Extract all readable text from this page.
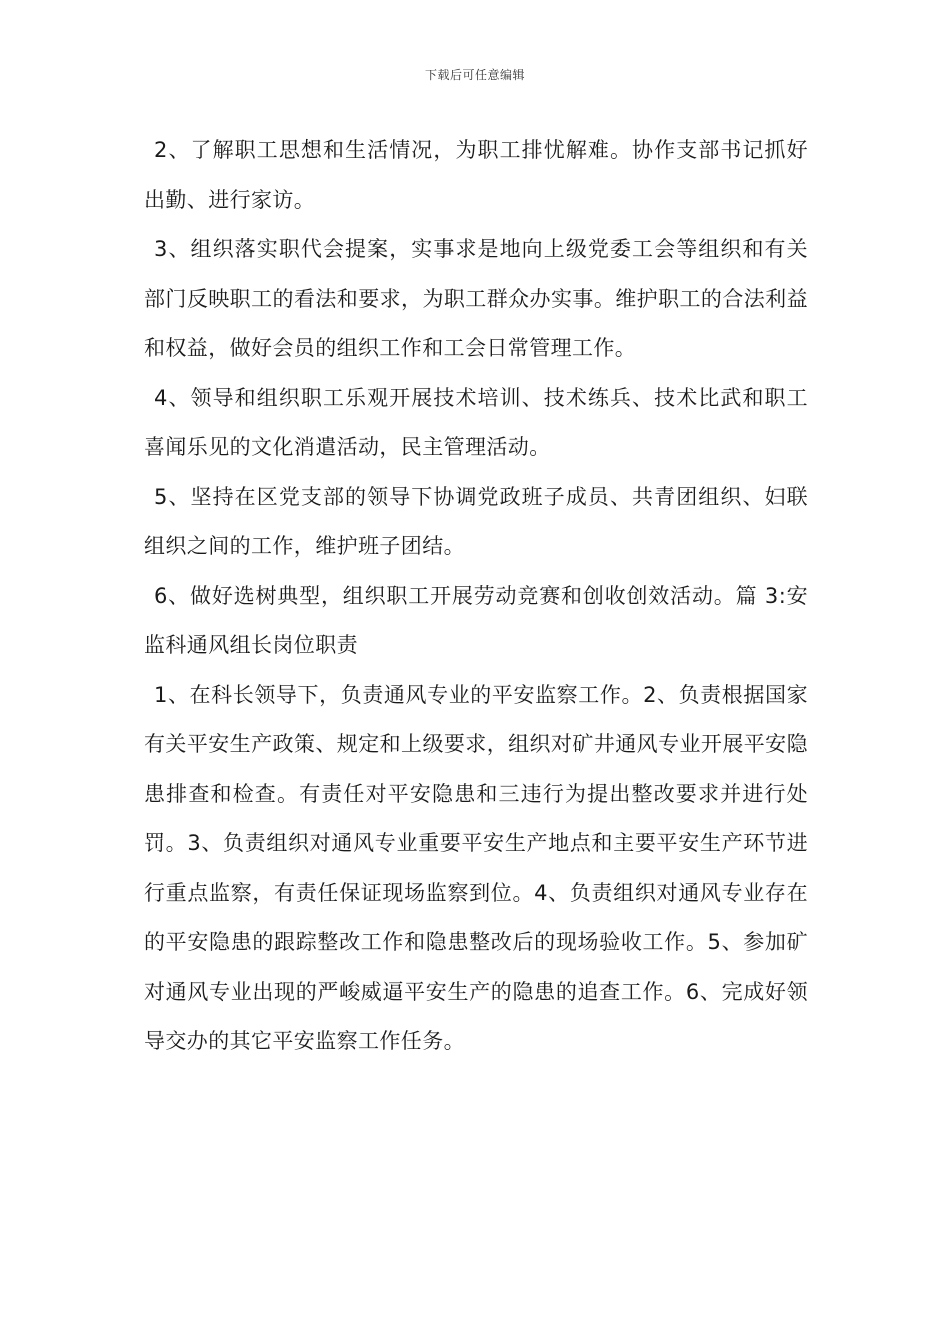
下载后可任意编辑

2、了解职工思想和生活情况，为职工排忧解难。协作支部书记抓好出勤、进行家访。

3、组织落实职代会提案，实事求是地向上级党委工会等组织和有关部门反映职工的看法和要求，为职工群众办实事。维护职工的合法利益和权益，做好会员的组织工作和工会日常管理工作。

4、领导和组织职工乐观开展技术培训、技术练兵、技术比武和职工喜闻乐见的文化消遣活动，民主管理活动。

5、坚持在区党支部的领导下协调党政班子成员、共青团组织、妇联组织之间的工作，维护班子团结。

6、做好选树典型，组织职工开展劳动竞赛和创收创效活动。篇 3:安监科通风组长岗位职责

1、在科长领导下，负责通风专业的平安监察工作。2、负责根据国家有关平安生产政策、规定和上级要求，组织对矿井通风专业开展平安隐患排查和检查。有责任对平安隐患和三违行为提出整改要求并进行处罚。3、负责组织对通风专业重要平安生产地点和主要平安生产环节进行重点监察，有责任保证现场监察到位。4、负责组织对通风专业存在的平安隐患的跟踪整改工作和隐患整改后的现场验收工作。5、参加矿对通风专业出现的严峻威逼平安生产的隐患的追查工作。6、完成好领导交办的其它平安监察工作任务。
